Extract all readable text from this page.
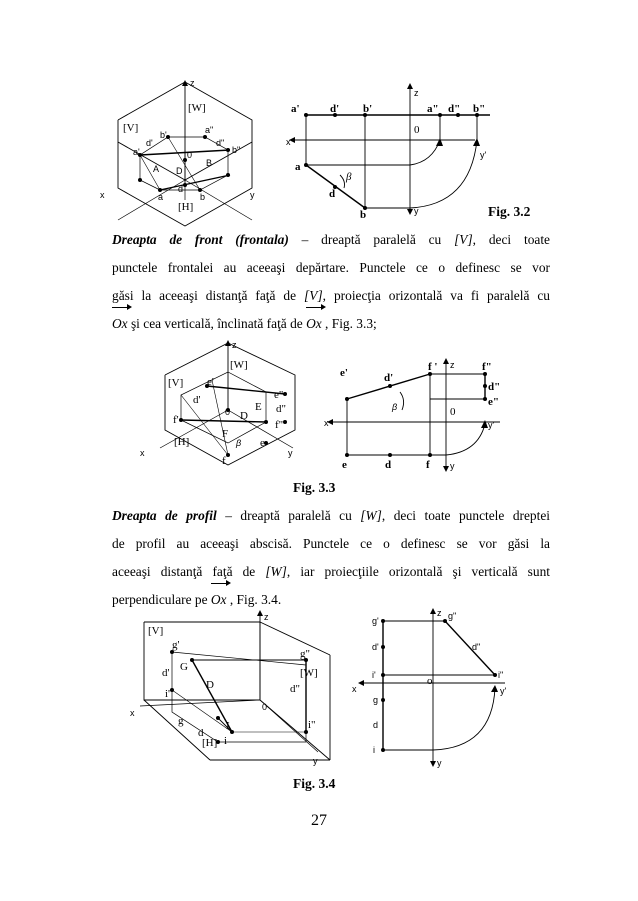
z
x	y
[V]
[W]
[H]
a'
d'
b'	a"
d"
b"
A D
B
0
a
d
b
z
x
y
y'
0
a'	d' b'	a" d" b"
a
d
b
β
Fig. 3.2
Dreapta de front (frontala) – dreaptă paralelă cu [V], deci toate
punctele frontalei au aceeaşi depărtare. Punctele ce o definesc se vor
găsi la aceeaşi distanţă faţă de [V], proiecţia orizontală va fi paralelă cu
Ox şi cea verticală, înclinată faţă de Ox , Fig. 3.3;
z
x	y
[V]
[W]
[H]
e'
d'
f'
e"
d"
f"
E
D
F
f
e
0
β
z
x
y
y'
0
e'	d'
f '	f"
d"
e"
e	d	f
β
Fig. 3.3
Dreapta de profil – dreaptă paralelă cu [W], deci toate punctele dreptei
de profil au aceeaşi abscisă. Punctele ce o definesc se vor găsi la
aceeaşi distanţă faţă de [W], iar proiecţiile orizontală şi verticală sunt
perpendiculare pe Ox , Fig. 3.4.
z
x
y
[V]
[W]
[H]
g'
d'
i'
G
D
I
g"
d"
i"
g
d
i
0
z
x
y
y'
o
g'
d'
i'
g"
d"
i"
g
d
i
Fig. 3.4
27
